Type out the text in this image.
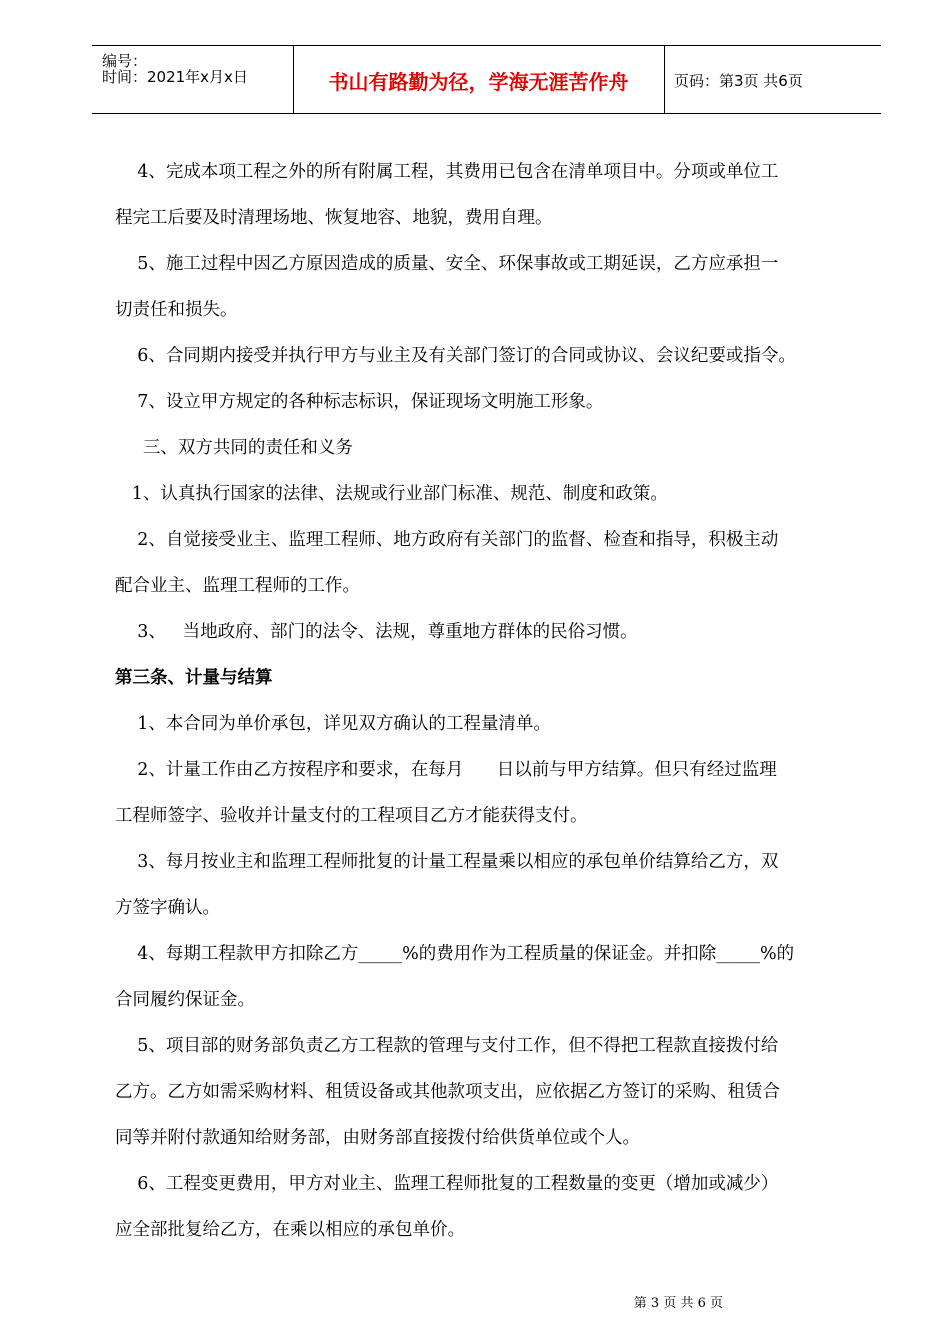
编号：
时间：2021年x月x日	书山有路勤为径，学海无涯苦作舟	页码：第3页 共6页
4、完成本项工程之外的所有附属工程，其费用已包含在清单项目中。分项或单位工
程完工后要及时清理场地、恢复地容、地貌，费用自理。
5、施工过程中因乙方原因造成的质量、安全、环保事故或工期延误，乙方应承担一
切责任和损失。
6、合同期内接受并执行甲方与业主及有关部门签订的合同或协议、会议纪要或指令。
7、设立甲方规定的各种标志标识，保证现场文明施工形象。
三、双方共同的责任和义务
1、认真执行国家的法律、法规或行业部门标准、规范、制度和政策。
2、自觉接受业主、监理工程师、地方政府有关部门的监督、检查和指导，积极主动
配合业主、监理工程师的工作。
3、   当地政府、部门的法令、法规，尊重地方群体的民俗习惯。
第三条、计量与结算
1、本合同为单价承包，详见双方确认的工程量清单。
2、计量工作由乙方按程序和要求，在每月      日以前与甲方结算。但只有经过监理
工程师签字、验收并计量支付的工程项目乙方才能获得支付。
3、每月按业主和监理工程师批复的计量工程量乘以相应的承包单价结算给乙方，双
方签字确认。
4、每期工程款甲方扣除乙方_____%的费用作为工程质量的保证金。并扣除_____%的
合同履约保证金。
5、项目部的财务部负责乙方工程款的管理与支付工作，但不得把工程款直接拨付给
乙方。乙方如需采购材料、租赁设备或其他款项支出，应依据乙方签订的采购、租赁合
同等并附付款通知给财务部，由财务部直接拨付给供货单位或个人。
6、工程变更费用，甲方对业主、监理工程师批复的工程数量的变更（增加或减少）
应全部批复给乙方，在乘以相应的承包单价。
第 3 页 共 6 页
